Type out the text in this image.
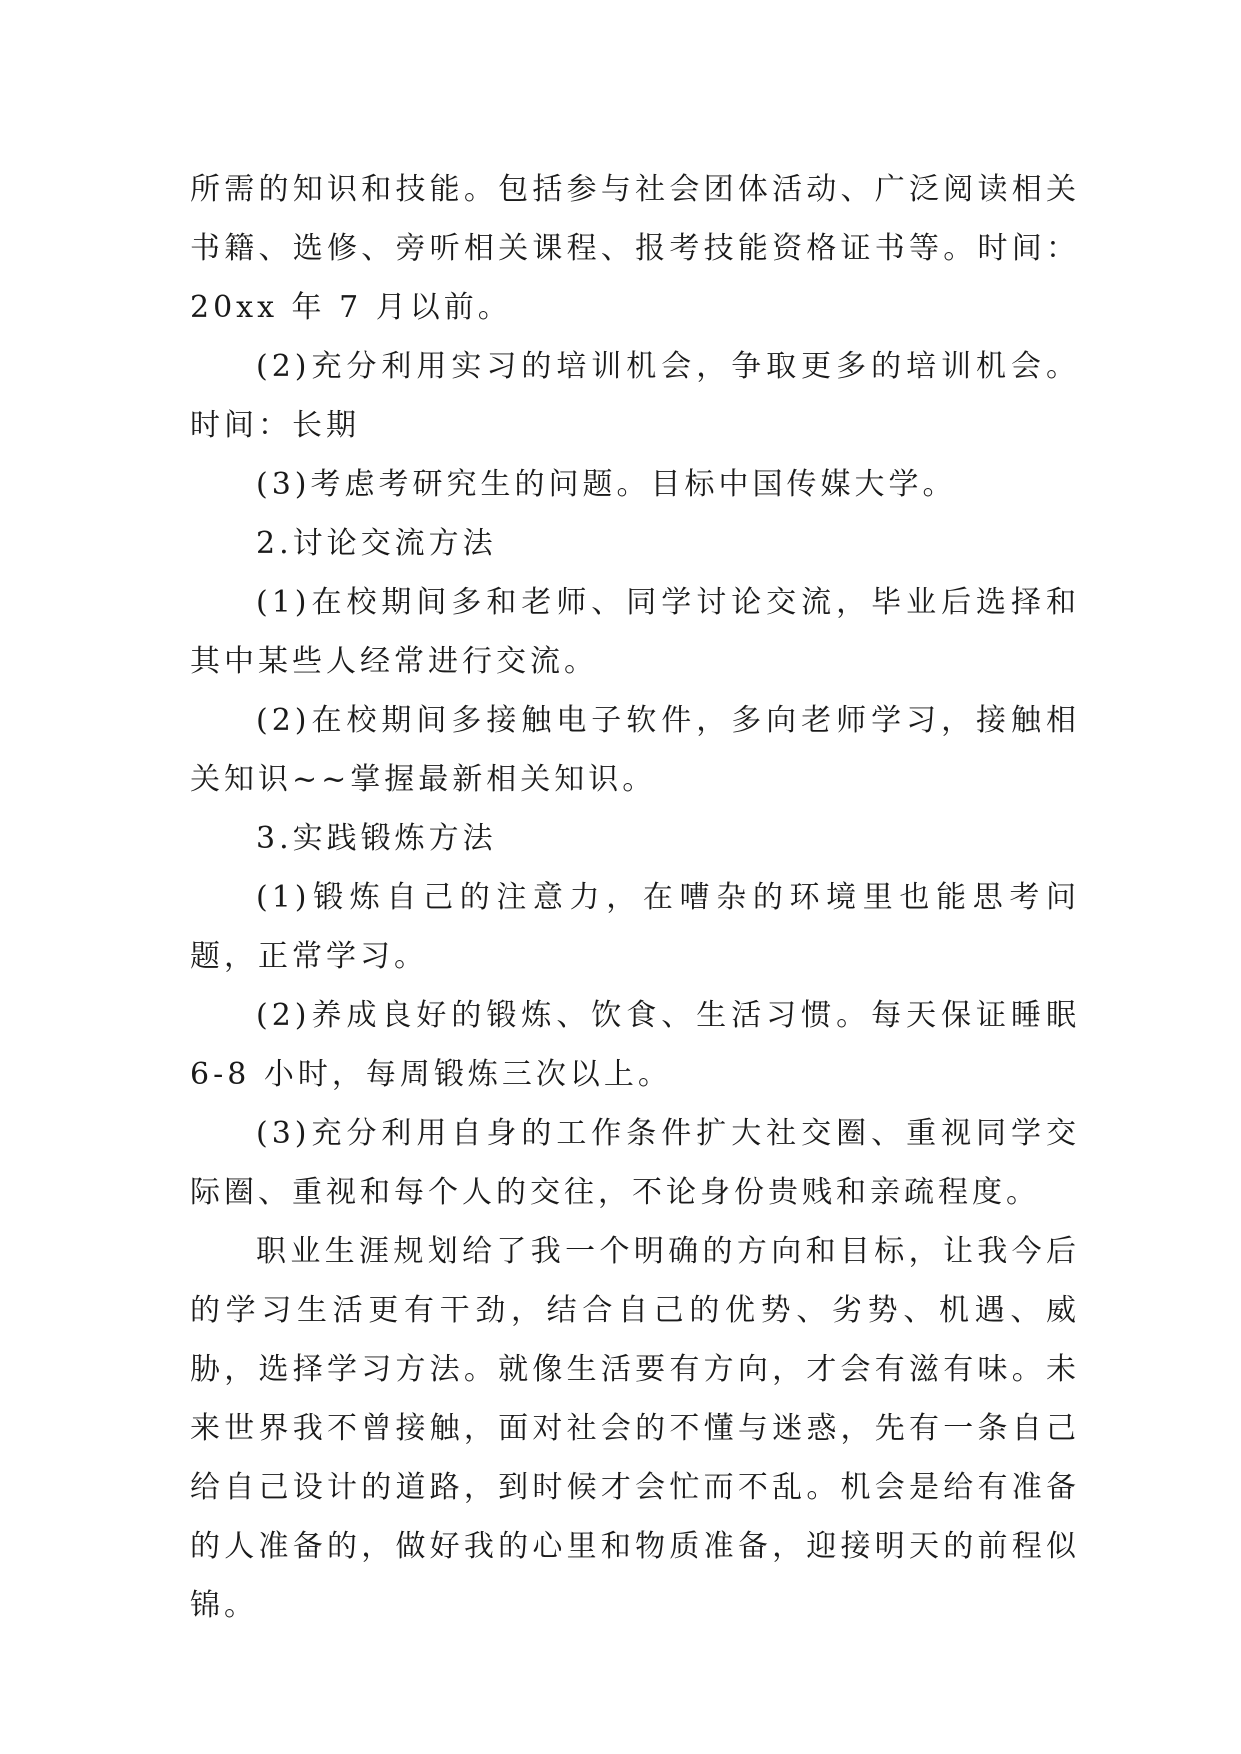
所需的知识和技能。包括参与社会团体活动、广泛阅读相关书籍、选修、旁听相关课程、报考技能资格证书等。时间：20xx 年 7 月以前。

(2)充分利用实习的培训机会，争取更多的培训机会。时间：长期

(3)考虑考研究生的问题。目标中国传媒大学。

2.讨论交流方法

(1)在校期间多和老师、同学讨论交流，毕业后选择和其中某些人经常进行交流。

(2)在校期间多接触电子软件，多向老师学习，接触相关知识~~掌握最新相关知识。

3.实践锻炼方法

(1)锻炼自己的注意力，在嘈杂的环境里也能思考问题，正常学习。

(2)养成良好的锻炼、饮食、生活习惯。每天保证睡眠 6-8 小时，每周锻炼三次以上。

(3)充分利用自身的工作条件扩大社交圈、重视同学交际圈、重视和每个人的交往，不论身份贵贱和亲疏程度。

职业生涯规划给了我一个明确的方向和目标，让我今后的学习生活更有干劲，结合自己的优势、劣势、机遇、威胁，选择学习方法。就像生活要有方向，才会有滋有味。未来世界我不曾接触，面对社会的不懂与迷惑，先有一条自己给自己设计的道路，到时候才会忙而不乱。机会是给有准备的人准备的，做好我的心里和物质准备，迎接明天的前程似锦。
